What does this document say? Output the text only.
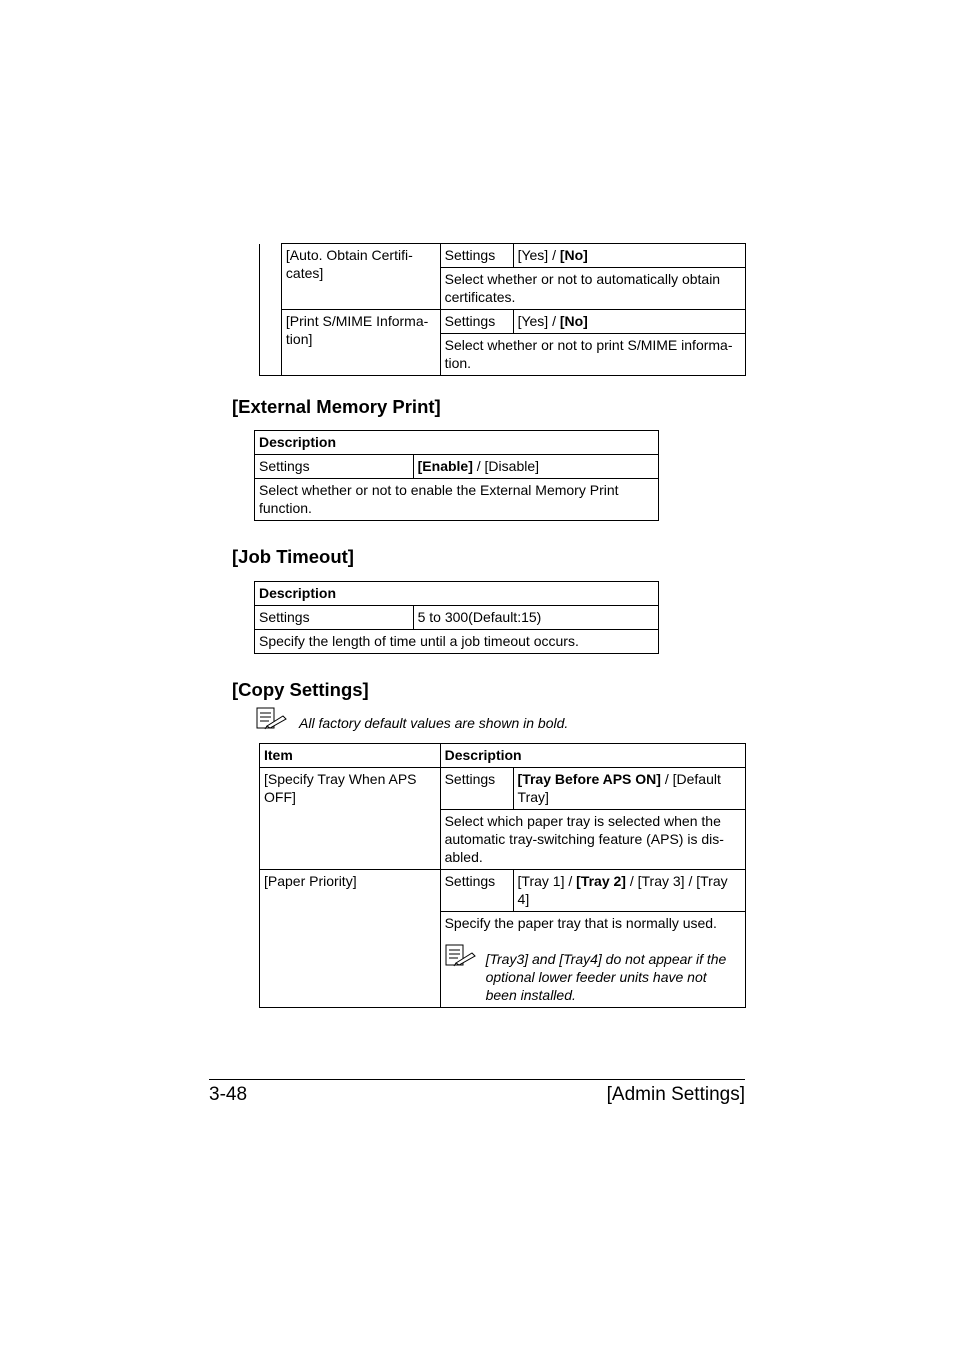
	[Auto. Obtain Certifi-cates]	Settings	[Yes] / [No]
		Select whether or not to automatically obtain certificates.	
	[Print S/MIME Informa-tion]	Settings	[Yes] / [No]
		Select whether or not to print S/MIME informa-tion.	
[External Memory Print]
Description
Settings	[Enable] / [Disable]
Select whether or not to enable the External Memory Print function.
[Job Timeout]
Description
Settings	5 to 300(Default:15)
Specify the length of time until a job timeout occurs.
[Copy Settings]
All factory default values are shown in bold.
Item	Description	
[Specify Tray When APS OFF]	Settings	[Tray Before APS ON] / [Default Tray]
	Select which paper tray is selected when the automatic tray-switching feature (APS) is dis-abled.	
[Paper Priority]	Settings	[Tray 1] / [Tray 2] / [Tray 3] / [Tray 4]

	Specify the paper tray that is normally used.
[Tray3] and [Tray4] do not appear if the optional lower feeder units have not been installed.	
3-48	[Admin Settings]
